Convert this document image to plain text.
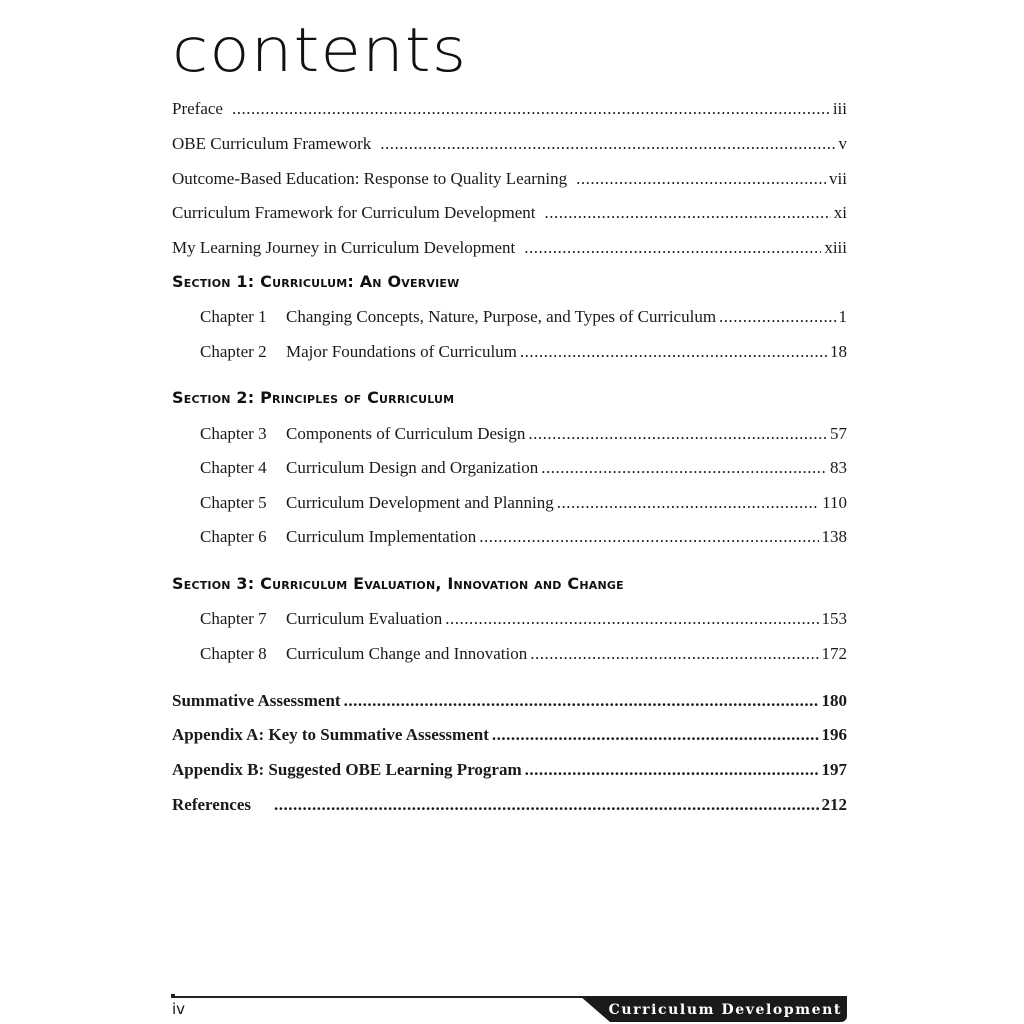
contents
Preface .....	iii
OBE Curriculum Framework .....	v
Outcome-Based Education: Response to Quality Learning .....	vii
Curriculum Framework for Curriculum Development .....	xi
My Learning Journey in Curriculum Development .....	xiii
Section 1: Curriculum: An Overview
Chapter 1	Changing Concepts, Nature, Purpose, and Types of Curriculum .....	1
Chapter 2	Major Foundations of Curriculum .....	18
Section 2: Principles of Curriculum
Chapter 3	Components of Curriculum Design .....	57
Chapter 4	Curriculum Design and Organization .....	83
Chapter 5	Curriculum Development and Planning .....	110
Chapter 6	Curriculum Implementation .....	138
Section 3: Curriculum Evaluation, Innovation and Change
Chapter 7	Curriculum Evaluation .....	153
Chapter 8	Curriculum Change and Innovation .....	172
Summative Assessment .....	180
Appendix A: Key to Summative Assessment .....	196
Appendix B: Suggested OBE Learning Program .....	197
References .....	212
iv	Curriculum Development
